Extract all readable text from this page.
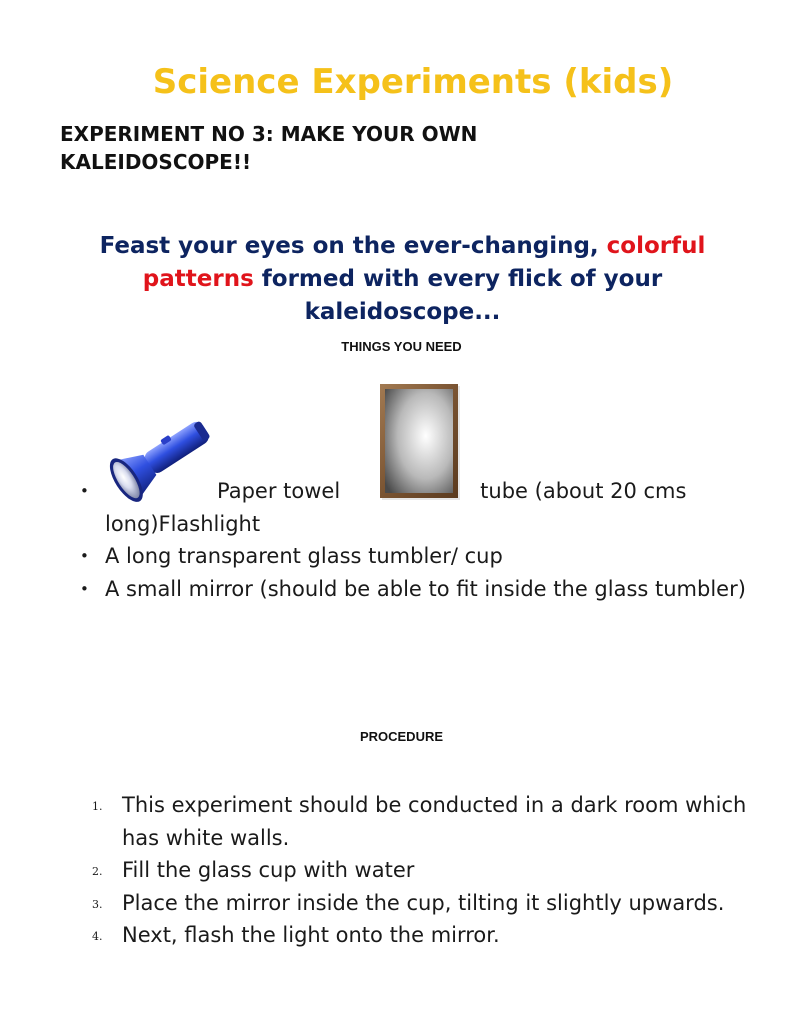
Science Experiments (kids)
EXPERIMENT NO 3: MAKE YOUR OWN KALEIDOSCOPE!!
Feast your eyes on the ever-changing, colorful patterns formed with every flick of your kaleidoscope...
THINGS YOU NEED
•	Paper towel	tube (about 20 cms long)Flashlight
• A long transparent glass tumbler/ cup
• A small mirror (should be able to fit inside the glass tumbler)
PROCEDURE
1. This experiment should be conducted in a dark room which has white walls.
2. Fill the glass cup with water
3. Place the mirror inside the cup, tilting it slightly upwards.
4. Next, flash the light onto the mirror.
